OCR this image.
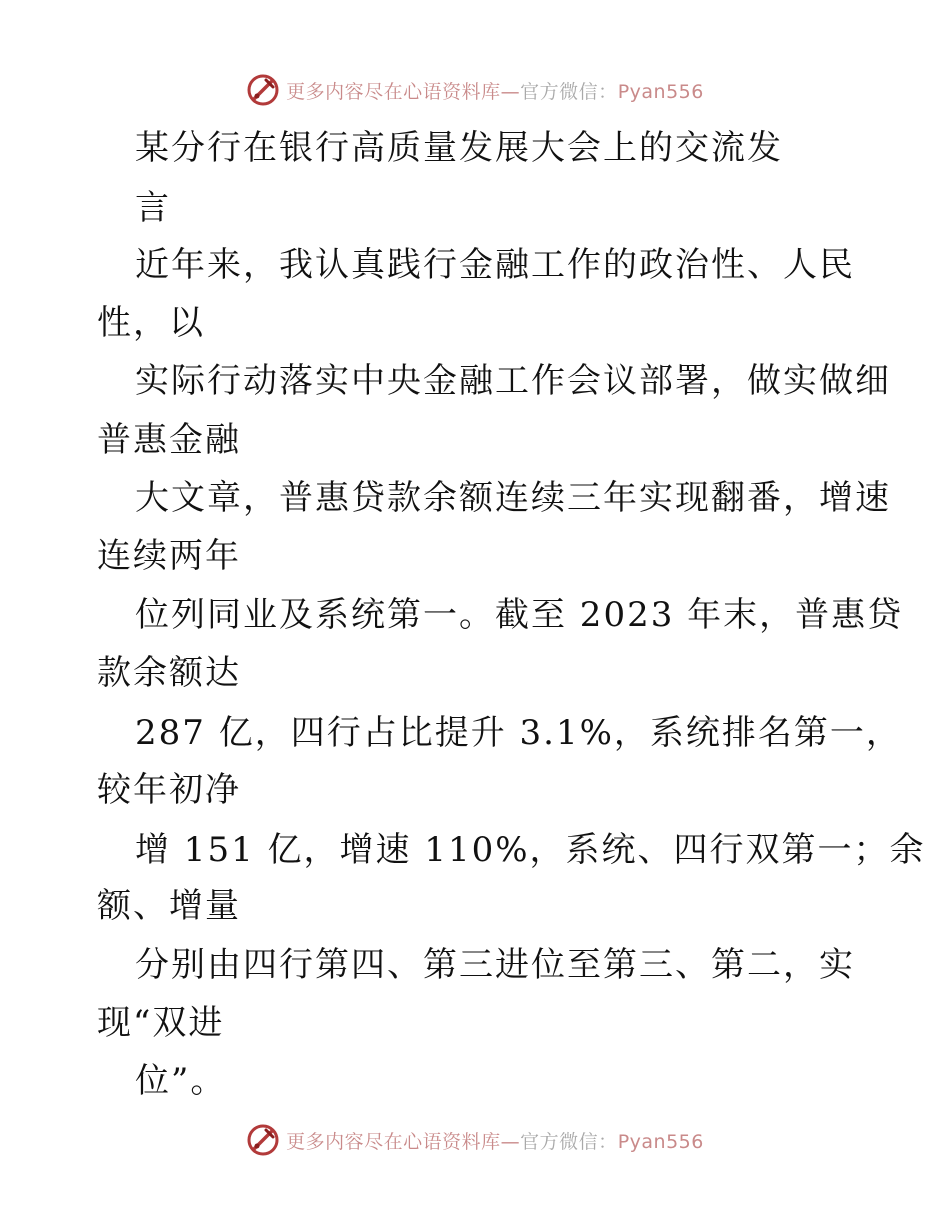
更多内容尽在心语资料库—官方微信：Pyan556
某分行在银行高质量发展大会上的交流发
言
近年来，我认真践行金融工作的政治性、人民
性，以
实际行动落实中央金融工作会议部署，做实做细
普惠金融
大文章，普惠贷款余额连续三年实现翻番，增速
连续两年
位列同业及系统第一。截至 2023 年末，普惠贷
款余额达
287 亿，四行占比提升 3.1%，系统排名第一，
较年初净
增 151 亿，增速 110%，系统、四行双第一；余
额、增量
分别由四行第四、第三进位至第三、第二，实
现“双进
位”。
更多内容尽在心语资料库—官方微信：Pyan556
